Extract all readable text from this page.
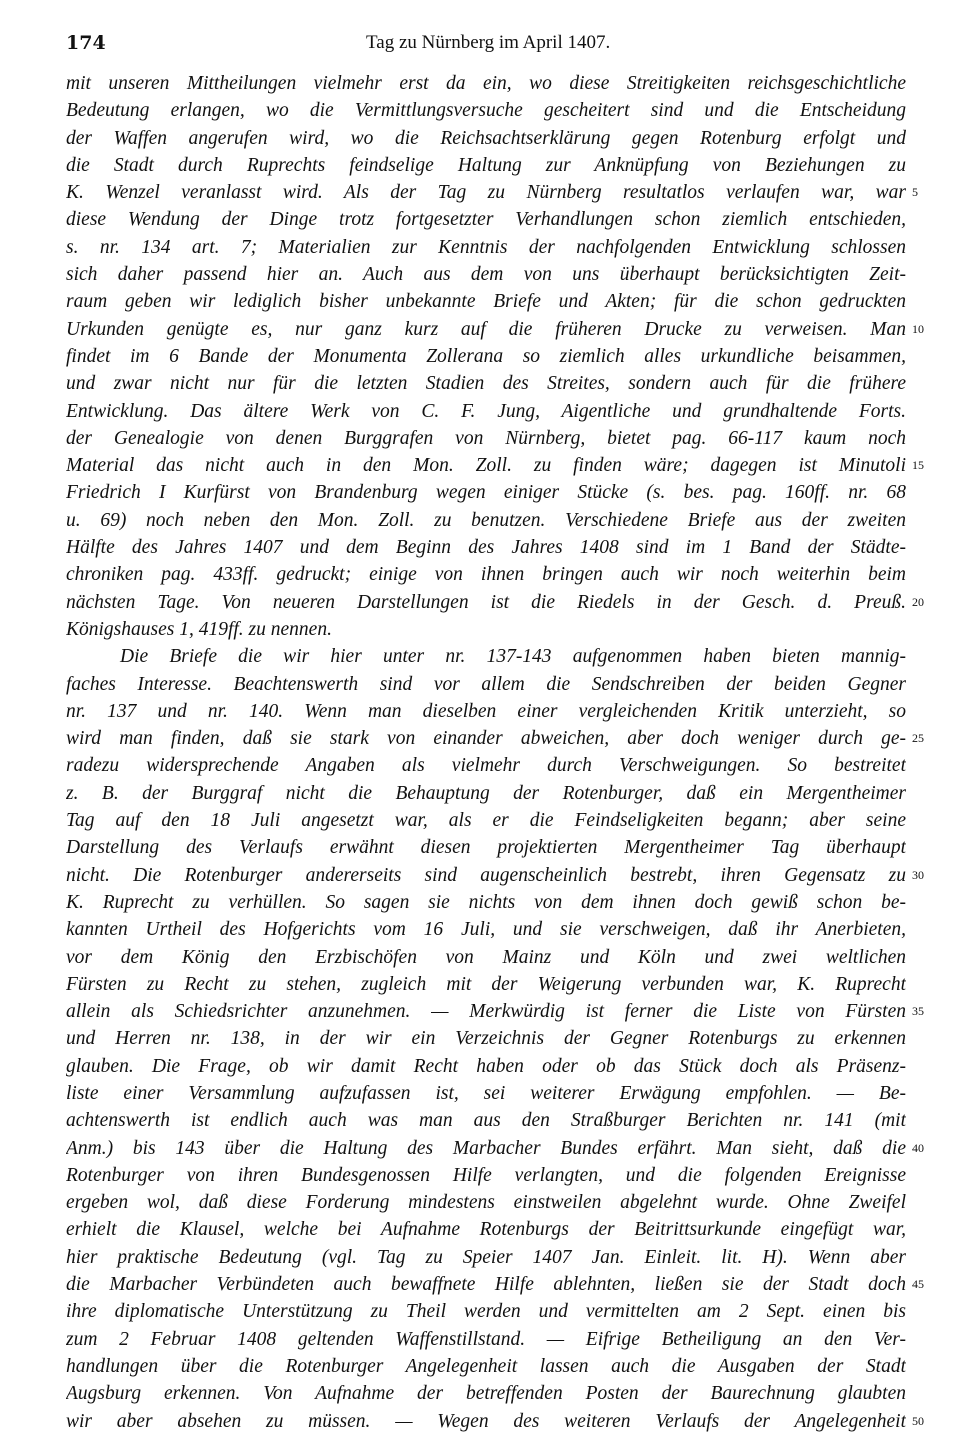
174	Tag zu Nürnberg im April 1407.
mit unseren Mittheilungen vielmehr erst da ein, wo diese Streitigkeiten reichsgeschichtliche
Bedeutung erlangen, wo die Vermittlungsversuche gescheitert sind und die Entscheidung
der Waffen angerufen wird, wo die Reichsachtserklärung gegen Rotenburg erfolgt und
die Stadt durch Ruprechts feindselige Haltung zur Anknüpfung von Beziehungen zu
K. Wenzel veranlasst wird. Als der Tag zu Nürnberg resultatlos verlaufen war, war
diese Wendung der Dinge trotz fortgesetzter Verhandlungen schon ziemlich entschieden,
s. nr. 134 art. 7; Materialien zur Kenntnis der nachfolgenden Entwicklung schlossen
sich daher passend hier an. Auch aus dem von uns überhaupt berücksichtigten Zeit-
raum geben wir lediglich bisher unbekannte Briefe und Akten; für die schon gedruckten
Urkunden genügte es, nur ganz kurz auf die früheren Drucke zu verweisen. Man
findet im 6 Bande der Monumenta Zollerana so ziemlich alles urkundliche beisammen,
und zwar nicht nur für die letzten Stadien des Streites, sondern auch für die frühere
Entwicklung. Das ältere Werk von C. F. Jung, Aigentliche und grundhaltende Forts.
der Genealogie von denen Burggrafen von Nürnberg, bietet pag. 66-117 kaum noch
Material das nicht auch in den Mon. Zoll. zu finden wäre; dagegen ist Minutoli
Friedrich I Kurfürst von Brandenburg wegen einiger Stücke (s. bes. pag. 160ff. nr. 68
u. 69) noch neben den Mon. Zoll. zu benutzen. Verschiedene Briefe aus der zweiten
Hälfte des Jahres 1407 und dem Beginn des Jahres 1408 sind im 1 Band der Städte-
chroniken pag. 433ff. gedruckt; einige von ihnen bringen auch wir noch weiterhin beim
nächsten Tage. Von neueren Darstellungen ist die Riedels in der Gesch. d. Preuß.
Königshauses 1, 419ff. zu nennen.
Die Briefe die wir hier unter nr. 137-143 aufgenommen haben bieten mannig-
faches Interesse. Beachtenswerth sind vor allem die Sendschreiben der beiden Gegner
nr. 137 und nr. 140. Wenn man dieselben einer vergleichenden Kritik unterzieht, so
wird man finden, daß sie stark von einander abweichen, aber doch weniger durch ge-
radezu widersprechende Angaben als vielmehr durch Verschweigungen. So bestreitet
z. B. der Burggraf nicht die Behauptung der Rotenburger, daß ein Mergentheimer
Tag auf den 18 Juli angesetzt war, als er die Feindseligkeiten begann; aber seine
Darstellung des Verlaufs erwähnt diesen projektierten Mergentheimer Tag überhaupt
nicht. Die Rotenburger andererseits sind augenscheinlich bestrebt, ihren Gegensatz zu
K. Ruprecht zu verhüllen. So sagen sie nichts von dem ihnen doch gewiß schon be-
kannten Urtheil des Hofgerichts vom 16 Juli, und sie verschweigen, daß ihr Anerbieten,
vor dem König den Erzbischöfen von Mainz und Köln und zwei weltlichen
Fürsten zu Recht zu stehen, zugleich mit der Weigerung verbunden war, K. Ruprecht
allein als Schiedsrichter anzunehmen. — Merkwürdig ist ferner die Liste von Fürsten
und Herren nr. 138, in der wir ein Verzeichnis der Gegner Rotenburgs zu erkennen
glauben. Die Frage, ob wir damit Recht haben oder ob das Stück doch als Präsenz-
liste einer Versammlung aufzufassen ist, sei weiterer Erwägung empfohlen. — Be-
achtenswerth ist endlich auch was man aus den Straßburger Berichten nr. 141 (mit
Anm.) bis 143 über die Haltung des Marbacher Bundes erfährt. Man sieht, daß die
Rotenburger von ihren Bundesgenossen Hilfe verlangten, und die folgenden Ereignisse
ergeben wol, daß diese Forderung mindestens einstweilen abgelehnt wurde. Ohne Zweifel
erhielt die Klausel, welche bei Aufnahme Rotenburgs der Beitrittsurkunde eingefügt war,
hier praktische Bedeutung (vgl. Tag zu Speier 1407 Jan. Einleit. lit. H). Wenn aber
die Marbacher Verbündeten auch bewaffnete Hilfe ablehnten, ließen sie der Stadt doch
ihre diplomatische Unterstützung zu Theil werden und vermittelten am 2 Sept. einen bis
zum 2 Februar 1408 geltenden Waffenstillstand. — Eifrige Betheiligung an den Ver-
handlungen über die Rotenburger Angelegenheit lassen auch die Ausgaben der Stadt
Augsburg erkennen. Von Aufnahme der betreffenden Posten der Baurechnung glaubten
wir aber absehen zu müssen. — Wegen des weiteren Verlaufs der Angelegenheit
5
10
15
20
25
30
35
40
45
50
